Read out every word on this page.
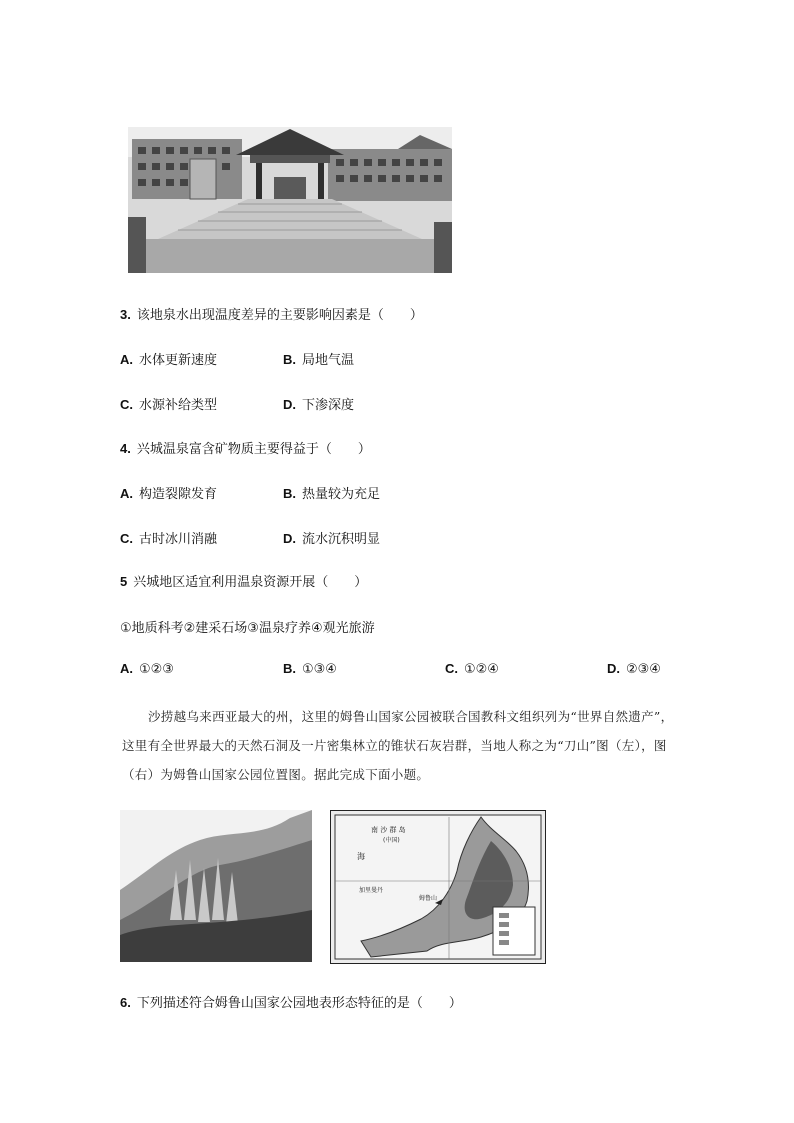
3. 该地泉水出现温度差异的主要影响因素是（　　）
A. 水体更新速度	B. 局地气温
C. 水源补给类型	D. 下渗深度
4. 兴城温泉富含矿物质主要得益于（　　）
A. 构造裂隙发育	B. 热量较为充足
C. 古时冰川消融	D. 流水沉积明显
5 兴城地区适宜利用温泉资源开展（　　）
①地质科考②建采石场③温泉疗养④观光旅游
A. ①②③	B. ①③④	C. ①②④	D. ②③④
沙捞越乌来西亚最大的州，这里的姆鲁山国家公园被联合国教科文组织列为“世界自然遗产”，这里有全世界最大的天然石洞及一片密集林立的锥状石灰岩群，当地人称之为“刀山”图（左），图（右）为姆鲁山国家公园位置图。据此完成下面小题。
南 沙 群 岛
(中国)
海
加里曼丹
姆鲁山
6. 下列描述符合姆鲁山国家公园地表形态特征的是（　　）
